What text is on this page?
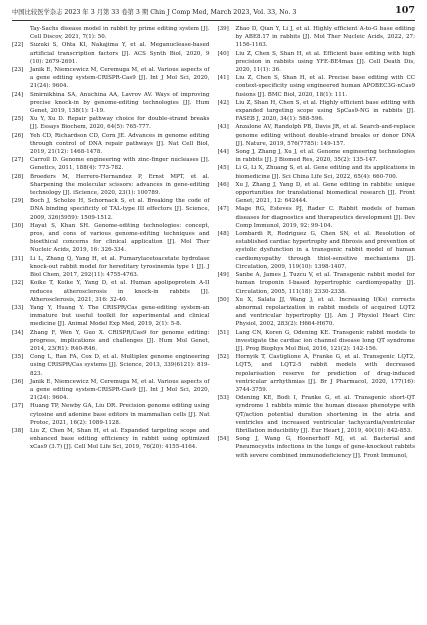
中国比较医学杂志 2023 年 3 月第 33 卷第 3 期 Chin J Comp Med, March 2023, Vol. 33, No. 3	107
Tay-Sachs disease model in rabbit by prime editing system [J]. Cell Discov, 2021, 7(1): 50.
[22]	Suzuki S, Ohta KI, Nakajima Y, et al. Meganuclease-based artificial transcription factors [J]. ACS Synth Biol, 2020, 9 (10): 2679-2691.
[23]	Janik E, Niemcewicz M, Ceremuga M, et al. Various aspects of a gene editing system-CRISPR-Cas9 [J]. Int J Mol Sci, 2020, 21(24): 9604.
[24]	Smirnikhina SA, Anuchina AA, Lavrov AV. Ways of improving precise knock-in by genome-editing technologies [J]. Hum Genet, 2019, 138(1): 1-19.
[25]	Xu Y, Xu D. Repair pathway choice for double-strand breaks [J]. Essays Biochem, 2020, 64(5): 765-777.
[26]	Yeh CD, Richardson CD, Corn JE. Advances in genome editing through control of DNA repair pathways [J]. Nat Cell Biol, 2019, 21(12): 1468-1478.
[27]	Carroll D. Genome engineering with zinc-finger nucleases [J]. Genetics, 2011, 188(4): 773-782.
[28]	Broeders M, Herrero-Hernandez P, Ernst MPT, et al. Sharpening the molecular scissors: advances in gene-editing technology [J]. iScience, 2020, 23(1): 100789.
[29]	Boch J, Scholze H, Schornack S, et al. Breaking the code of DNA binding specificity of TAL-type III effectors [J]. Science, 2009, 326(5959): 1509-1512.
[30]	Hayat S, Khan SH. Genome-editing technologies: concept, pros, and cons of various genome-editing techniques and bioethical concerns for clinical application [J]. Mol Ther Nucleic Acids, 2019, 16: 326-334.
[31]	Li L, Zhang Q, Yang H, et al. Fumarylacetoacetate hydrolase knock-out rabbit model for hereditary tyrosinemia type 1 [J]. J Biol Chem, 2017, 292(11): 4755-4763.
[32]	Koike T, Koike Y, Yang D, et al. Human apolipoprotein A-II reduces atherosclerosis in knock-in rabbits [J]. Atherosclerosis, 2021, 316: 32-40.
[33]	Yang Y, Huang Y. The CRISPR/Cas gene-editing system-an immature but useful toolkit for experimental and clinical medicine [J]. Animal Model Exp Med, 2019, 2(1): 5-8.
[34]	Zhang F, Wen Y, Guo X. CRISPR/Cas9 for genome editing: progress, implications and challenges [J]. Hum Mol Genet, 2014, 23(R1): R40-R46.
[35]	Cong L, Ran FA, Cox D, et al. Multiplex genome engineering using CRISPR/Cas systems [J]. Science, 2013, 339(6121): 819-823.
[36]	Janik E, Niemcewicz M, Ceremuga M, et al. Various aspects of a gene editing system-CRISPR-Cas9 [J]. Int J Mol Sci, 2020, 21(24): 9604.
[37]	Huang TP, Newby GA, Liu DR. Precision genome editing using cytosine and adenine base editors in mammalian cells [J]. Nat Protoc, 2021, 16(2): 1089-1128.
[38]	Liu Z, Chen M, Shan H, et al. Expanded targeting scope and enhanced base editing efficiency in rabbit using optimized xCas9 (3.7) [J]. Cell Mol Life Sci, 2019, 76(20): 4155-4164.
[39]	Zhao D, Qian Y, Li J, et al. Highly efficient A-to-G base editing by ABE8.17 in rabbits [J]. Mol Ther Nucleic Acids, 2022, 27: 1156-1163.
[40]	Liu Z, Chen S, Shan H, et al. Efficient base editing with high precision in rabbits using YFE-BE4max [J]. Cell Death Dis, 2020, 11(1): 36.
[41]	Liu Z, Chen S, Shan H, et al. Precise base editing with CC context-specificity using engineered human APOBEC3G-nCas9 fusions [J]. BMC Biol, 2020, 18(1): 111.
[42]	Liu Z, Shan H, Chen S, et al. Highly efficient base editing with expanded targeting scope using SpCas9-NG in rabbits [J]. FASEB J, 2020, 34(1): 588-596.
[43]	Anzalone AV, Randolph PB, Davis JR, et al. Search-and-replace genome editing without double-strand breaks or donor DNA [J]. Nature, 2019, 576(7785): 149-157.
[44]	Song J, Zhang J, Xu J, et al. Genome engineering technologies in rabbits [J]. J Biomed Res, 2020, 35(2): 135-147.
[45]	Li G, Li X, Zhuang S, et al. Gene editing and its applications in biomedicine [J]. Sci China Life Sci, 2022, 65(4): 660-700.
[46]	Xu J, Zhang J, Yang D, et al. Gene editing in rabbits: unique opportunities for translational biomedical research [J]. Front Genet, 2021, 12: 642444.
[47]	Mage RG, Esteves PJ, Rader C. Rabbit models of human diseases for diagnostics and therapeutics development [J]. Dev Comp Immunol, 2019, 92: 99-104.
[48]	Lombardi R, Rodriguez G, Chen SN, et al. Resolution of established cardiac hypertrophy and fibrosis and prevention of systolic dysfunction in a transgenic rabbit model of human cardiomyopathy through thiol-sensitive mechanisms [J]. Circulation, 2009, 119(10): 1398-1407.
[49]	Sanbe A, James J, Tuzcu V, et al. Transgenic rabbit model for human troponin I-based hypertrophic cardiomyopathy [J]. Circulation, 2005, 111(18): 2330-2338.
[50]	Xu X, Salata JJ, Wang J, et al. Increasing I(Ks) corrects abnormal repolarization in rabbit models of acquired LQT2 and ventricular hypertrophy [J]. Am J Physiol Heart Circ Physiol, 2002, 283(2): H664-H670.
[51]	Lang CN, Koren G, Odening KE. Transgenic rabbit models to investigate the cardiac ion channel disease long QT syndrome [J]. Prog Biophys Mol Biol, 2016, 121(2): 142-156.
[52]	Hornyik T, Castiglione A, Franke G, et al. Transgenic LQT2, LQT5, and LQT2-5 rabbit models with decreased repolarisation reserve for prediction of drug-induced ventricular arrhythmias [J]. Br J Pharmacol, 2020, 177(16): 3744-3759.
[53]	Odening KE, Bodi I, Franke G, et al. Transgenic short-QT syndrome 1 rabbits mimic the human disease phenotype with QT/action potential duration shortening in the atria and ventricles and increased ventricular tachycardia/ventricular fibrillation inducibility [J]. Eur Heart J, 2019, 40(10): 842-853.
[54]	Song J, Wang G, Hoenerhoff MJ, et al. Bacterial and Pneumocystis infections in the lungs of gene-knockout rabbits with severe combined immunodeficiency [J]. Front Immunol,
